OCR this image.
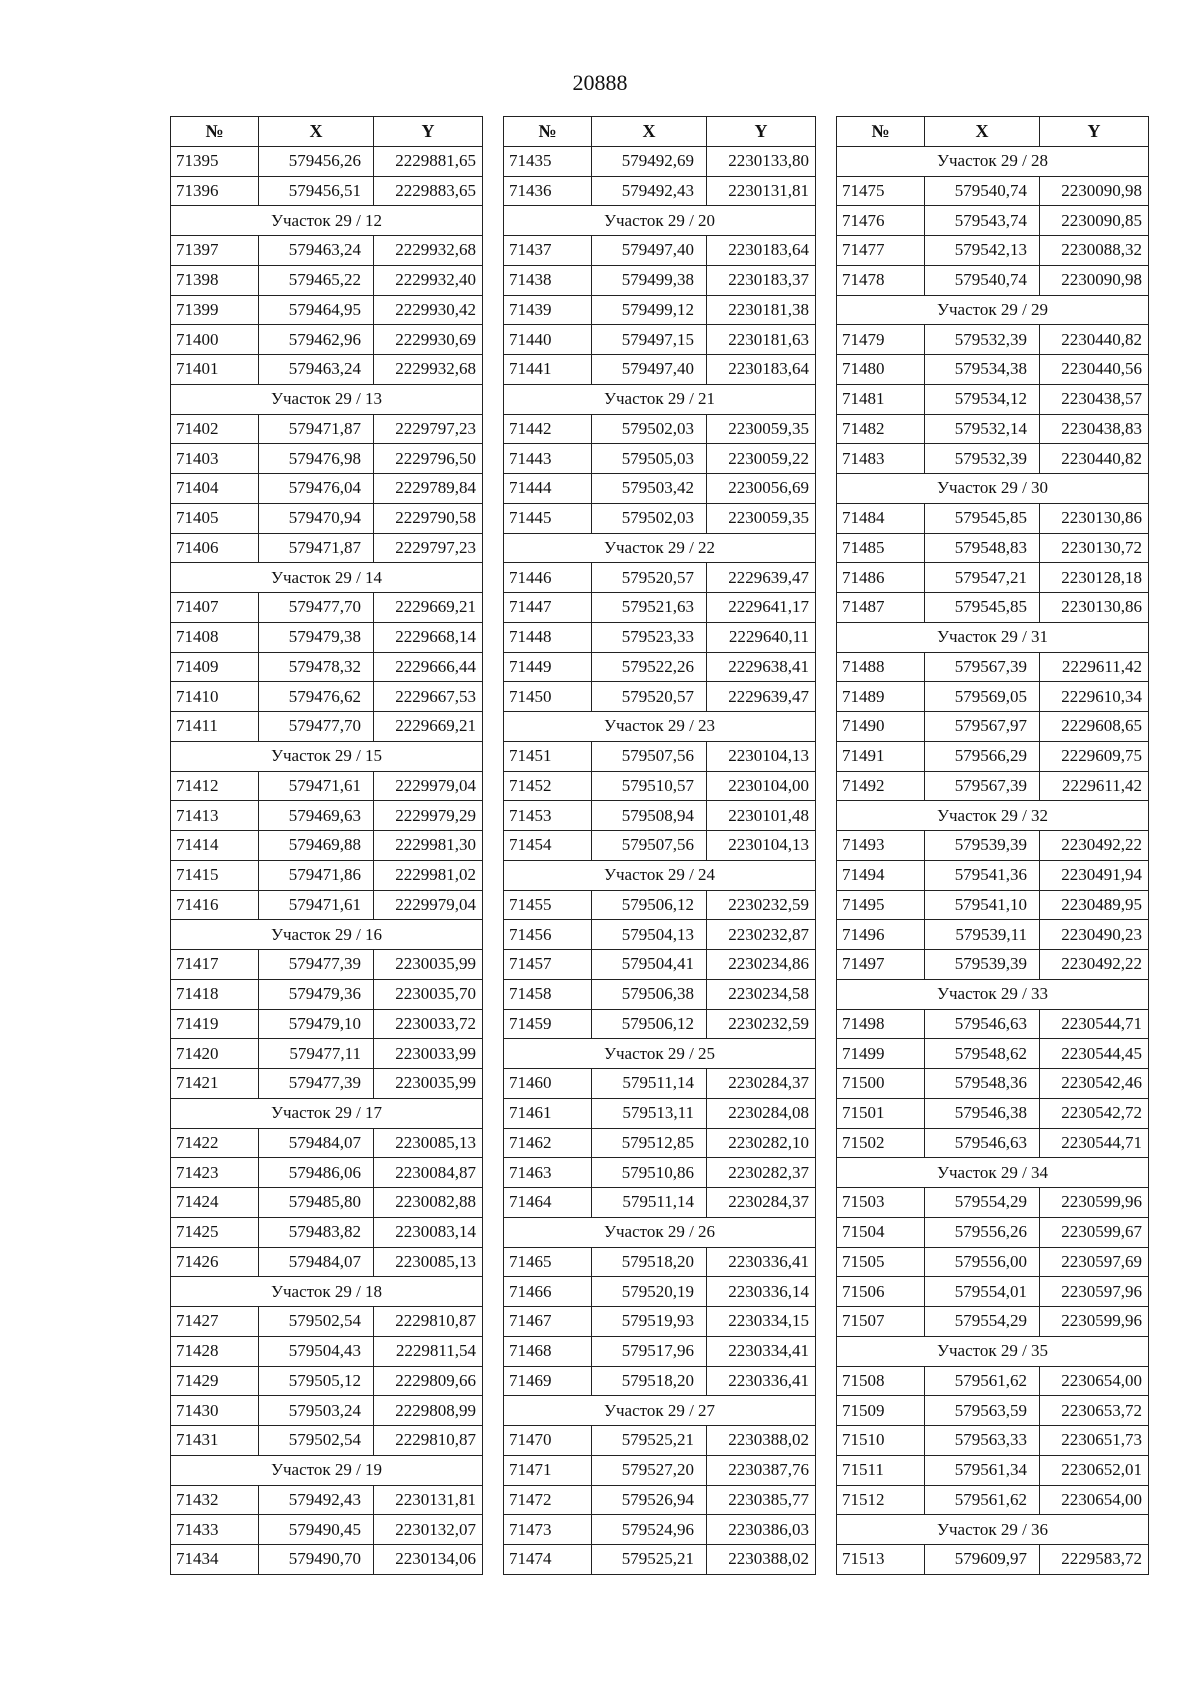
20888
№	X	Y
71395	579456,26	2229881,65
71396	579456,51	2229883,65
Участок 29 / 12		
71397	579463,24	2229932,68
71398	579465,22	2229932,40
71399	579464,95	2229930,42
71400	579462,96	2229930,69
71401	579463,24	2229932,68
Участок 29 / 13		
71402	579471,87	2229797,23
71403	579476,98	2229796,50
71404	579476,04	2229789,84
71405	579470,94	2229790,58
71406	579471,87	2229797,23
Участок 29 / 14		
71407	579477,70	2229669,21
71408	579479,38	2229668,14
71409	579478,32	2229666,44
71410	579476,62	2229667,53
71411	579477,70	2229669,21
Участок 29 / 15		
71412	579471,61	2229979,04
71413	579469,63	2229979,29
71414	579469,88	2229981,30
71415	579471,86	2229981,02
71416	579471,61	2229979,04
Участок 29 / 16		
71417	579477,39	2230035,99
71418	579479,36	2230035,70
71419	579479,10	2230033,72
71420	579477,11	2230033,99
71421	579477,39	2230035,99
Участок 29 / 17		
71422	579484,07	2230085,13
71423	579486,06	2230084,87
71424	579485,80	2230082,88
71425	579483,82	2230083,14
71426	579484,07	2230085,13
Участок 29 / 18		
71427	579502,54	2229810,87
71428	579504,43	2229811,54
71429	579505,12	2229809,66
71430	579503,24	2229808,99
71431	579502,54	2229810,87
Участок 29 / 19		
71432	579492,43	2230131,81
71433	579490,45	2230132,07
71434	579490,70	2230134,06
№	X	Y
71435	579492,69	2230133,80
71436	579492,43	2230131,81
Участок 29 / 20		
71437	579497,40	2230183,64
71438	579499,38	2230183,37
71439	579499,12	2230181,38
71440	579497,15	2230181,63
71441	579497,40	2230183,64
Участок 29 / 21		
71442	579502,03	2230059,35
71443	579505,03	2230059,22
71444	579503,42	2230056,69
71445	579502,03	2230059,35
Участок 29 / 22		
71446	579520,57	2229639,47
71447	579521,63	2229641,17
71448	579523,33	2229640,11
71449	579522,26	2229638,41
71450	579520,57	2229639,47
Участок 29 / 23		
71451	579507,56	2230104,13
71452	579510,57	2230104,00
71453	579508,94	2230101,48
71454	579507,56	2230104,13
Участок 29 / 24		
71455	579506,12	2230232,59
71456	579504,13	2230232,87
71457	579504,41	2230234,86
71458	579506,38	2230234,58
71459	579506,12	2230232,59
Участок 29 / 25		
71460	579511,14	2230284,37
71461	579513,11	2230284,08
71462	579512,85	2230282,10
71463	579510,86	2230282,37
71464	579511,14	2230284,37
Участок 29 / 26		
71465	579518,20	2230336,41
71466	579520,19	2230336,14
71467	579519,93	2230334,15
71468	579517,96	2230334,41
71469	579518,20	2230336,41
Участок 29 / 27		
71470	579525,21	2230388,02
71471	579527,20	2230387,76
71472	579526,94	2230385,77
71473	579524,96	2230386,03
71474	579525,21	2230388,02
№	X	Y
Участок 29 / 28		
71475	579540,74	2230090,98
71476	579543,74	2230090,85
71477	579542,13	2230088,32
71478	579540,74	2230090,98
Участок 29 / 29		
71479	579532,39	2230440,82
71480	579534,38	2230440,56
71481	579534,12	2230438,57
71482	579532,14	2230438,83
71483	579532,39	2230440,82
Участок 29 / 30		
71484	579545,85	2230130,86
71485	579548,83	2230130,72
71486	579547,21	2230128,18
71487	579545,85	2230130,86
Участок 29 / 31		
71488	579567,39	2229611,42
71489	579569,05	2229610,34
71490	579567,97	2229608,65
71491	579566,29	2229609,75
71492	579567,39	2229611,42
Участок 29 / 32		
71493	579539,39	2230492,22
71494	579541,36	2230491,94
71495	579541,10	2230489,95
71496	579539,11	2230490,23
71497	579539,39	2230492,22
Участок 29 / 33		
71498	579546,63	2230544,71
71499	579548,62	2230544,45
71500	579548,36	2230542,46
71501	579546,38	2230542,72
71502	579546,63	2230544,71
Участок 29 / 34		
71503	579554,29	2230599,96
71504	579556,26	2230599,67
71505	579556,00	2230597,69
71506	579554,01	2230597,96
71507	579554,29	2230599,96
Участок 29 / 35		
71508	579561,62	2230654,00
71509	579563,59	2230653,72
71510	579563,33	2230651,73
71511	579561,34	2230652,01
71512	579561,62	2230654,00
Участок 29 / 36		
71513	579609,97	2229583,72
